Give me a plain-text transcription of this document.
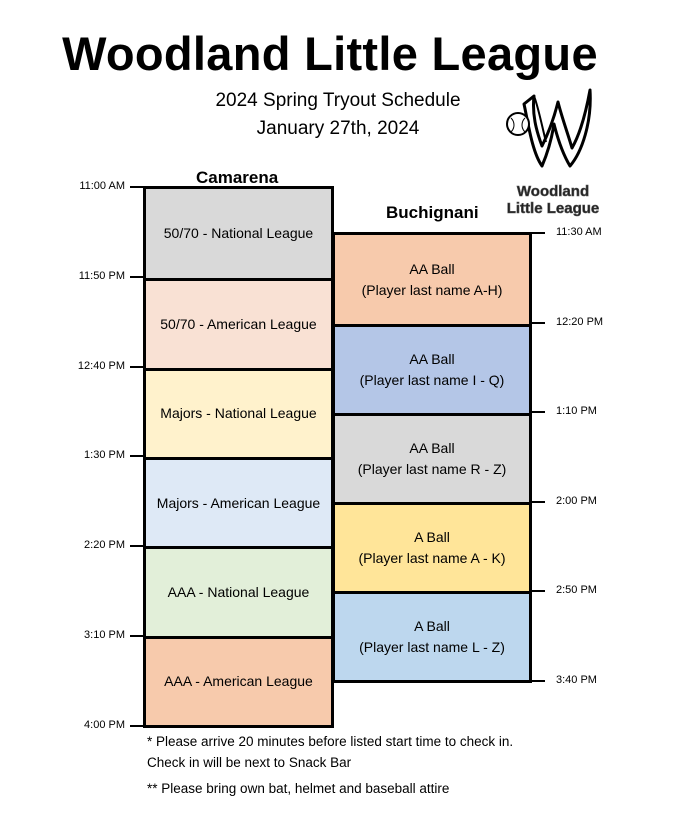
Woodland Little League
2024 Spring Tryout Schedule
January 27th, 2024
Woodland
Little League
Camarena
Buchignani
50/70 - National League
50/70 - American League
Majors - National League
Majors - American League
AAA - National League
AAA - American League
AA Ball
(Player last name A-H)
AA Ball
(Player last name I - Q)
AA Ball
(Player last name R - Z)
A Ball
(Player last name A - K)
A Ball
(Player last name L - Z)
11:00 AM
11:50 PM
12:40 PM
1:30 PM
2:20 PM
3:10 PM
4:00 PM
11:30 AM
12:20 PM
1:10 PM
2:00 PM
2:50 PM
3:40 PM
* Please arrive 20 minutes before listed start time to check in. Check in will be next to Snack Bar
** Please bring own bat, helmet and baseball attire
